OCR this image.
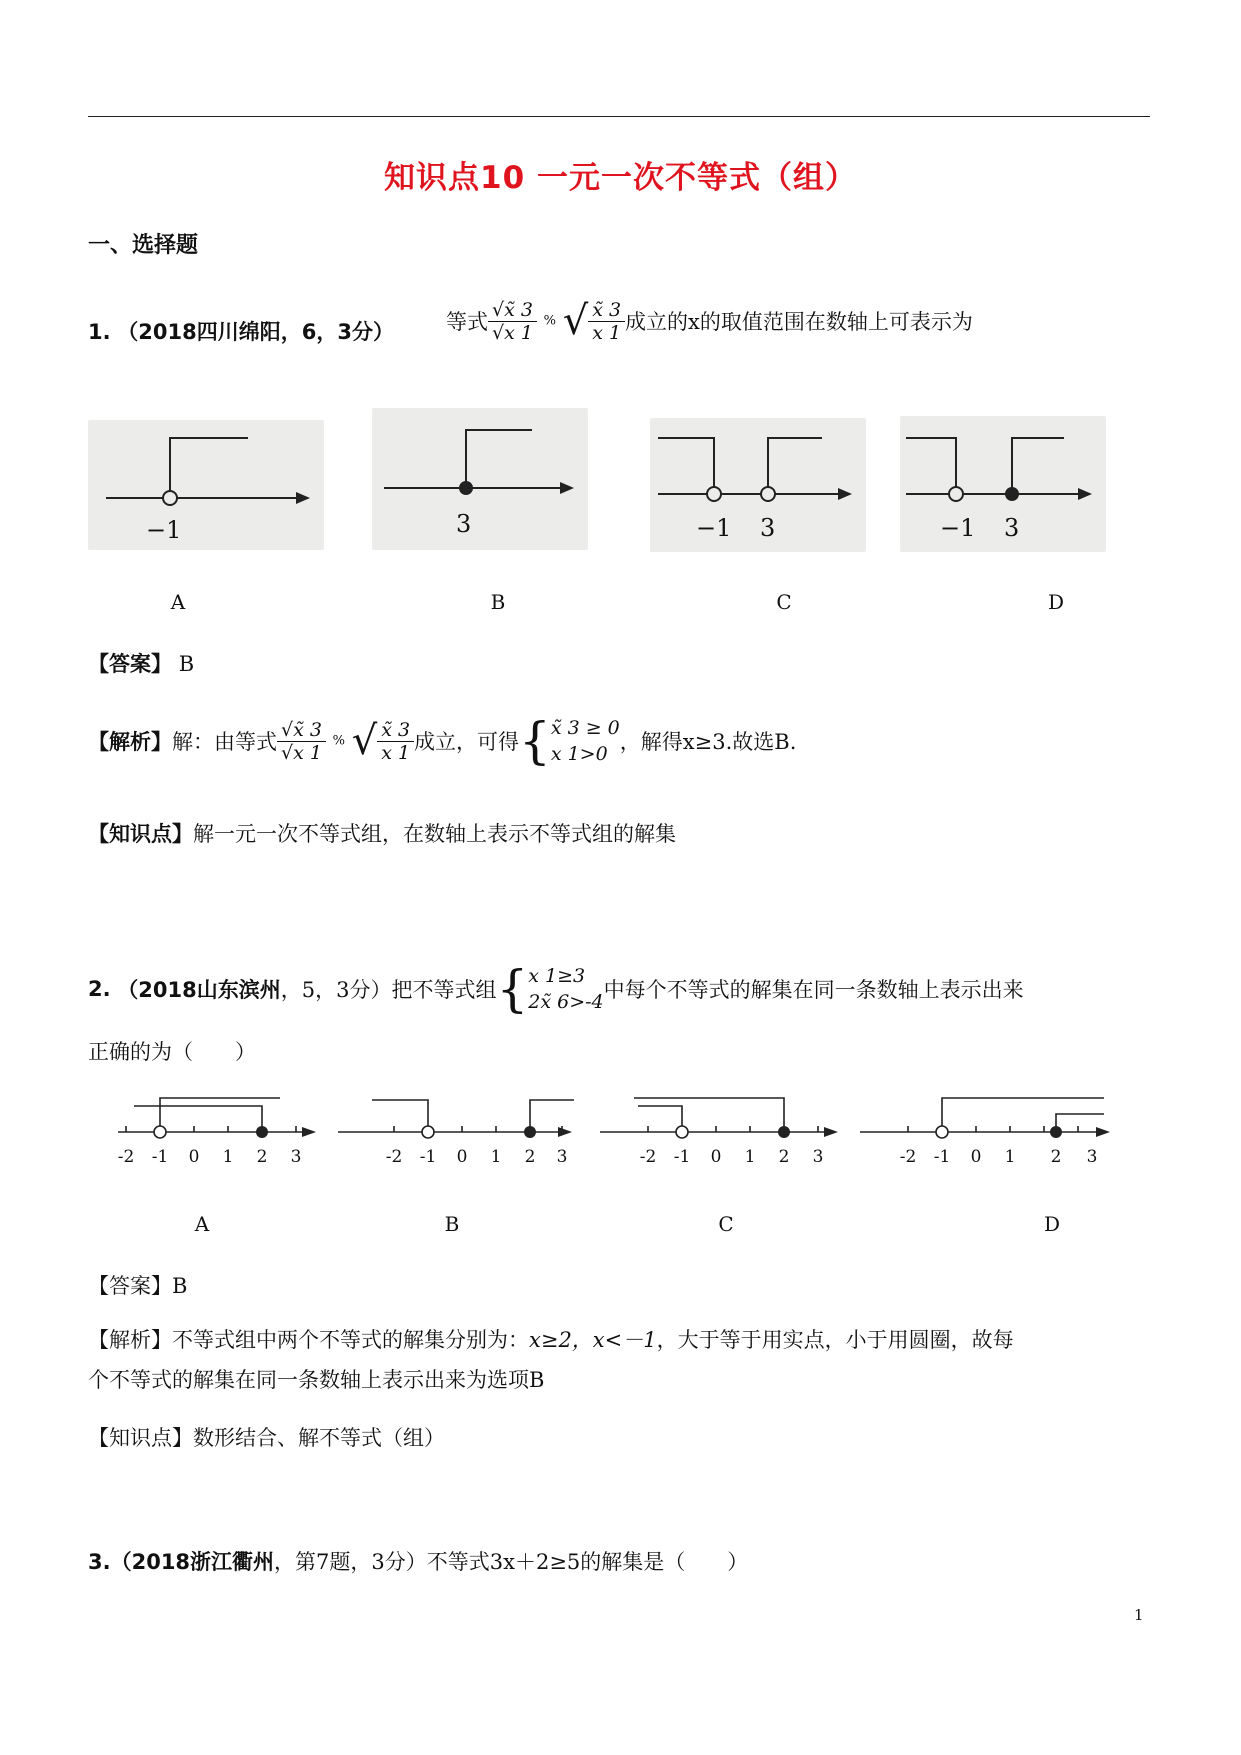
知识点10 一元一次不等式（组）
一、选择题
1. （2018四川绵阳，6，3分） 等式 $\frac{√x̃ 3}{√x 1}$ % √ $\frac{x̃ 3}{x 1}$ 成立的x的取值范围在数轴上可表示为
−1	3	−1 3	−1 3
A	B	C	D
【答案】 B
【解析】解：由等式 $\frac{√x̃ 3}{√x 1}$ % √ $\frac{x̃ 3}{x 1}$ 成立，可得{ x̃ 3 ≥ 0
x 1>0 ，解得x≥3.故选B.
【知识点】解一元一次不等式组，在数轴上表示不等式组的解集
2. （2018山东滨州，5，3分）把不等式组{ x 1≥3
2x̃ 6>-4 中每个不等式的解集在同一条数轴上表示出来
正确的为（　　）
-2 -1 0 1 2 3	-2 -1 0 1 2 3	-2 -1 0 1 2 3	-2 -1 0 1 2 3
A	B	C	D
【答案】B
【解析】不等式组中两个不等式的解集分别为：x≥2，x<－1，大于等于用实点，小于用圆圈，故每
个不等式的解集在同一条数轴上表示出来为选项B
【知识点】数形结合、解不等式（组）
3.（2018浙江衢州，第7题，3分）不等式3x＋2≥5的解集是（　　）
1
